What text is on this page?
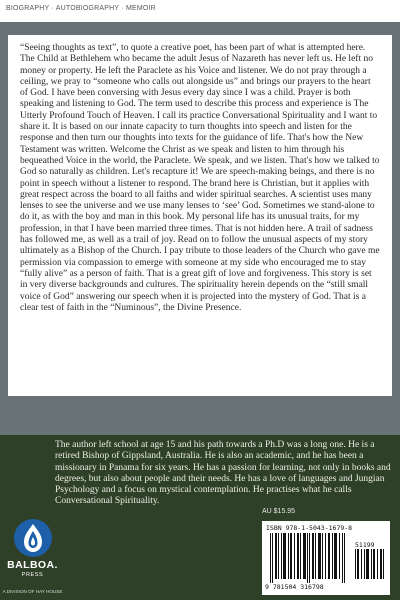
BIOGRAPHY · AUTOBIOGRAPHY · MEMOIR

“Seeing thoughts as text”, to quote a creative poet, has been part of what is attempted here. The Child at Bethlehem who became the adult Jesus of Nazareth has never left us. He left no money or property. He left the Paraclete as his Voice and listener. We do not pray through a ceiling, we pray to “someone who calls out alongside us” and brings our prayers to the heart of God. I have been conversing with Jesus every day since I was a child. Prayer is both speaking and listening to God. The term used to describe this process and experience is The Utterly Profound Touch of Heaven. I call its practice Conversational Spirituality and I want to share it. It is based on our innate capacity to turn thoughts into speech and listen for the response and then turn our thoughts into texts for the guidance of life. That's how the New Testament was written. Welcome the Christ as we speak and listen to him through his bequeathed Voice in the world, the Paraclete. We speak, and we listen. That's how we talked to God so naturally as children. Let's recapture it! We are speech-making beings, and there is no point in speech without a listener to respond. The brand here is Christian, but it applies with great respect across the board to all faiths and wider spiritual searches. A scientist uses many lenses to see the universe and we use many lenses to ‘see’ God. Sometimes we stand-alone to do it, as with the boy and man in this book. My personal life has its unusual traits, for my profession, in that I have been married three times. That is not hidden here. A trail of sadness has followed me, as well as a trail of joy. Read on to follow the unusual aspects of my story ultimately as a Bishop of the Church. I pay tribute to those leaders of the Church who gave me permission via compassion to emerge with someone at my side who encouraged me to stay “fully alive” as a person of faith. That is a great gift of love and forgiveness. This story is set in very diverse backgrounds and cultures. The spirituality herein depends on the “still small voice of God” answering our speech when it is projected into the mystery of God. That is a clear test of faith in the “Numinous”, the Divine Presence.

The author left school at age 15 and his path towards a Ph.D was a long one. He is a retired Bishop of Gippsland, Australia. He is also an academic, and he has been a missionary in Panama for six years. He has a passion for learning, not only in books and degrees, but also about people and their needs. He has a love of languages and Jungian Psychology and a focus on mystical contemplation. He practises what he calls Conversational Spirituality.

BALBOA.
PRESS
A DIVISION OF HAY HOUSE
AU $15.95
ISBN 978-1-5043-1679-8
51199
9 781504 316798
